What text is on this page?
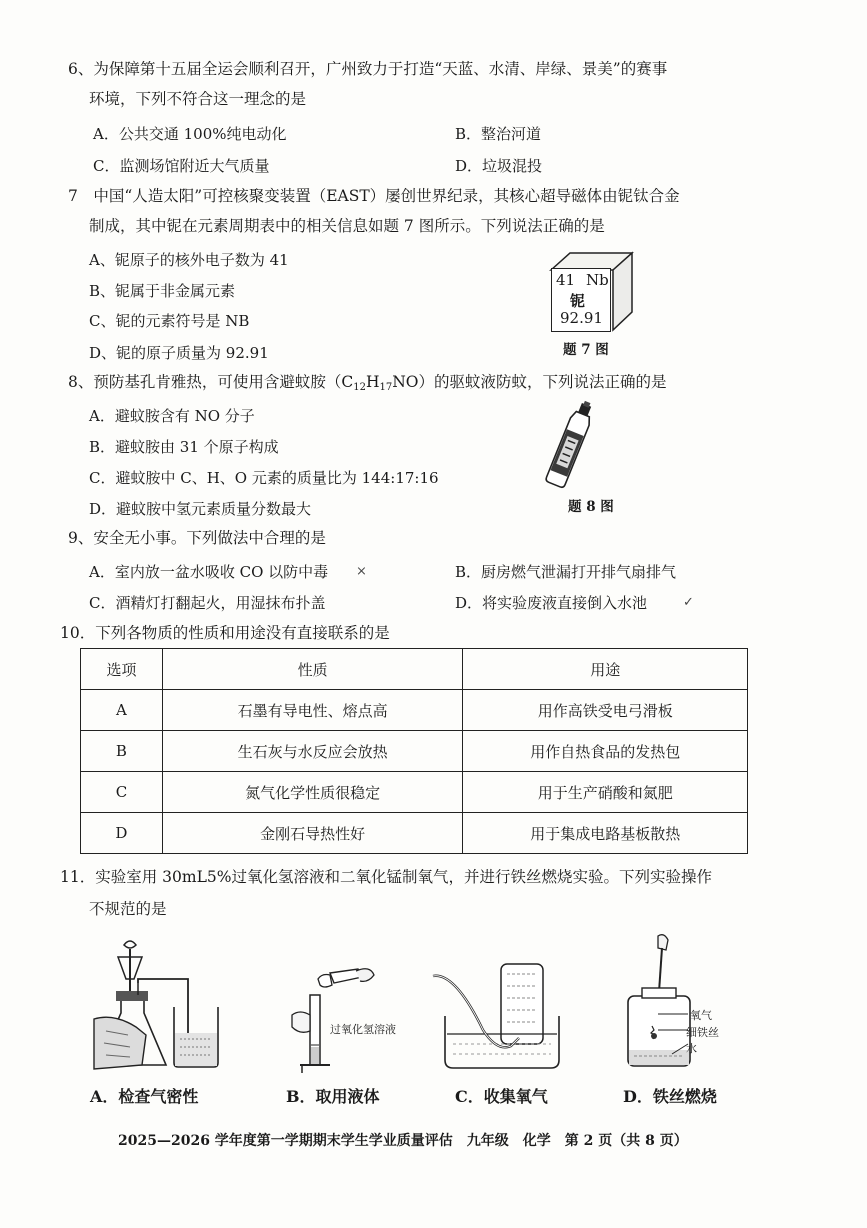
6、为保障第十五届全运会顺利召开，广州致力于打造“天蓝、水清、岸绿、景美”的赛事
环境，下列不符合这一理念的是
A．公共交通 100%纯电动化	B．整治河道
C．监测场馆附近大气质量	D．垃圾混投
7　中国“人造太阳”可控核聚变装置（EAST）屡创世界纪录，其核心超导磁体由铌钛合金
制成，其中铌在元素周期表中的相关信息如题 7 图所示。下列说法正确的是
A、铌原子的核外电子数为 41
B、铌属于非金属元素
C、铌的元素符号是 NB
D、铌的原子质量为 92.91
41 Nb
铌
92.91
题 7 图
8、预防基孔肯雅热，可使用含避蚊胺$(C_{12}H_{17}NO)$的驱蚊液防蚊，下列说法正确的是
A．避蚊胺含有 NO 分子
B．避蚊胺由 31 个原子构成
C．避蚊胺中 C、H、O 元素的质量比为 144:17:16
D．避蚊胺中氢元素质量分数最大	题 8 图
9、安全无小事。下列做法中合理的是
A．室内放一盆水吸收 CO 以防中毒	B．厨房燃气泄漏打开排气扇排气
C．酒精灯打翻起火，用湿抹布扑盖	D．将实验废液直接倒入水池
×
✓
10．下列各物质的性质和用途没有直接联系的是
选项	性质	用途
A	石墨有导电性、熔点高	用作高铁受电弓滑板
B	生石灰与水反应会放热	用作自热食品的发热包
C	氮气化学性质很稳定	用于生产硝酸和氮肥
D	金刚石导热性好	用于集成电路基板散热
11．实验室用 30mL5%过氧化氢溶液和二氧化锰制氧气，并进行铁丝燃烧实验。下列实验操作
不规范的是
过氧化氢溶液
氧气
细铁丝
水
A．检查气密性	B．取用液体	C．收集氧气	D．铁丝燃烧
2025—2026 学年度第一学期期末学生学业质量评估　九年级　化学　第 2 页（共 8 页）
